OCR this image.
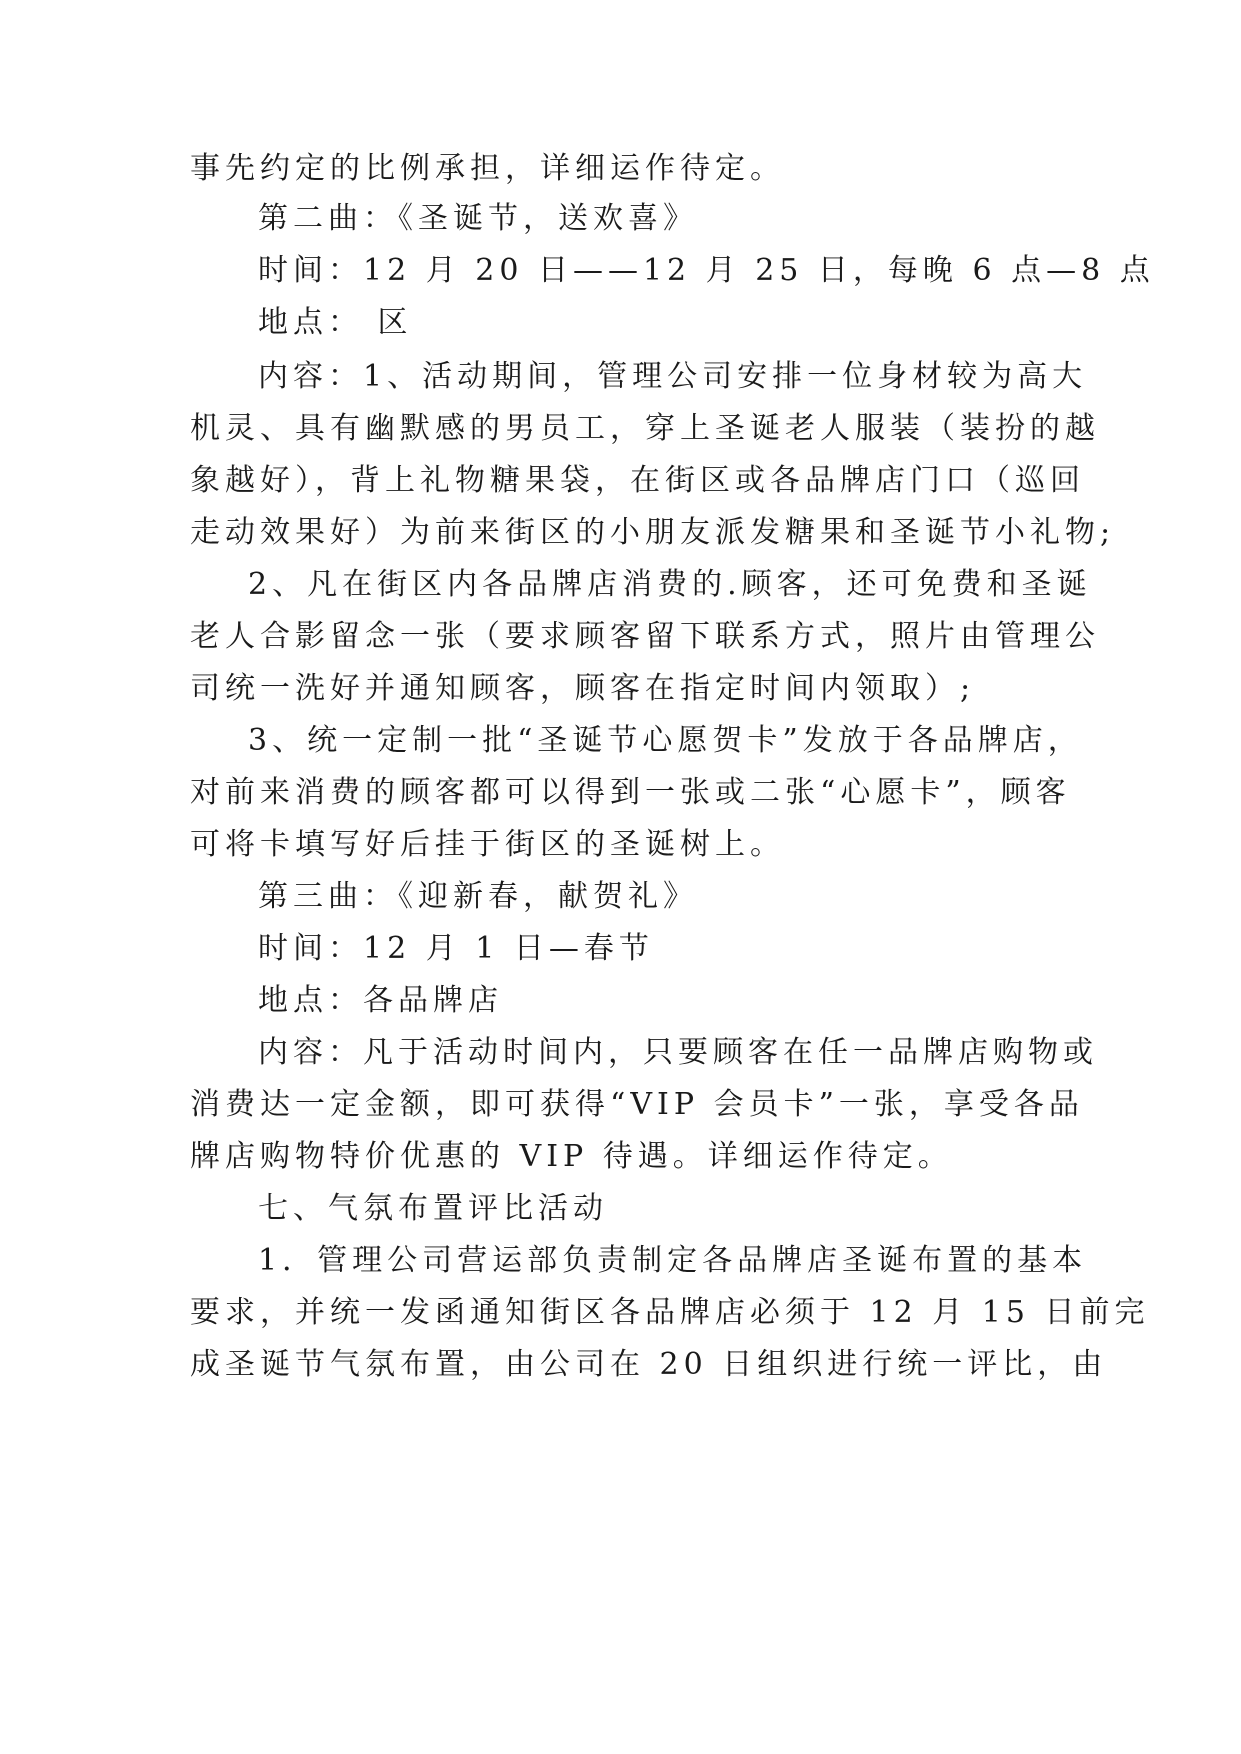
事先约定的比例承担，详细运作待定。
第二曲：《圣诞节，送欢喜》
时间：12 月 20 日——12 月 25 日，每晚 6 点—8 点
地点： 区
内容：1、活动期间，管理公司安排一位身材较为高大
机灵、具有幽默感的男员工，穿上圣诞老人服装（装扮的越
象越好），背上礼物糖果袋，在街区或各品牌店门口（巡回
走动效果好）为前来街区的小朋友派发糖果和圣诞节小礼物;
2、凡在街区内各品牌店消费的.顾客，还可免费和圣诞
老人合影留念一张（要求顾客留下联系方式，照片由管理公
司统一洗好并通知顾客，顾客在指定时间内领取）;
3、统一定制一批“圣诞节心愿贺卡”发放于各品牌店，
对前来消费的顾客都可以得到一张或二张“心愿卡”，顾客
可将卡填写好后挂于街区的圣诞树上。
第三曲：《迎新春，献贺礼》
时间：12 月 1 日—春节
地点：各品牌店
内容：凡于活动时间内，只要顾客在任一品牌店购物或
消费达一定金额，即可获得“VIP 会员卡”一张，享受各品
牌店购物特价优惠的 VIP 待遇。详细运作待定。
七、气氛布置评比活动
1．管理公司营运部负责制定各品牌店圣诞布置的基本
要求，并统一发函通知街区各品牌店必须于 12 月 15 日前完
成圣诞节气氛布置，由公司在 20 日组织进行统一评比，由
